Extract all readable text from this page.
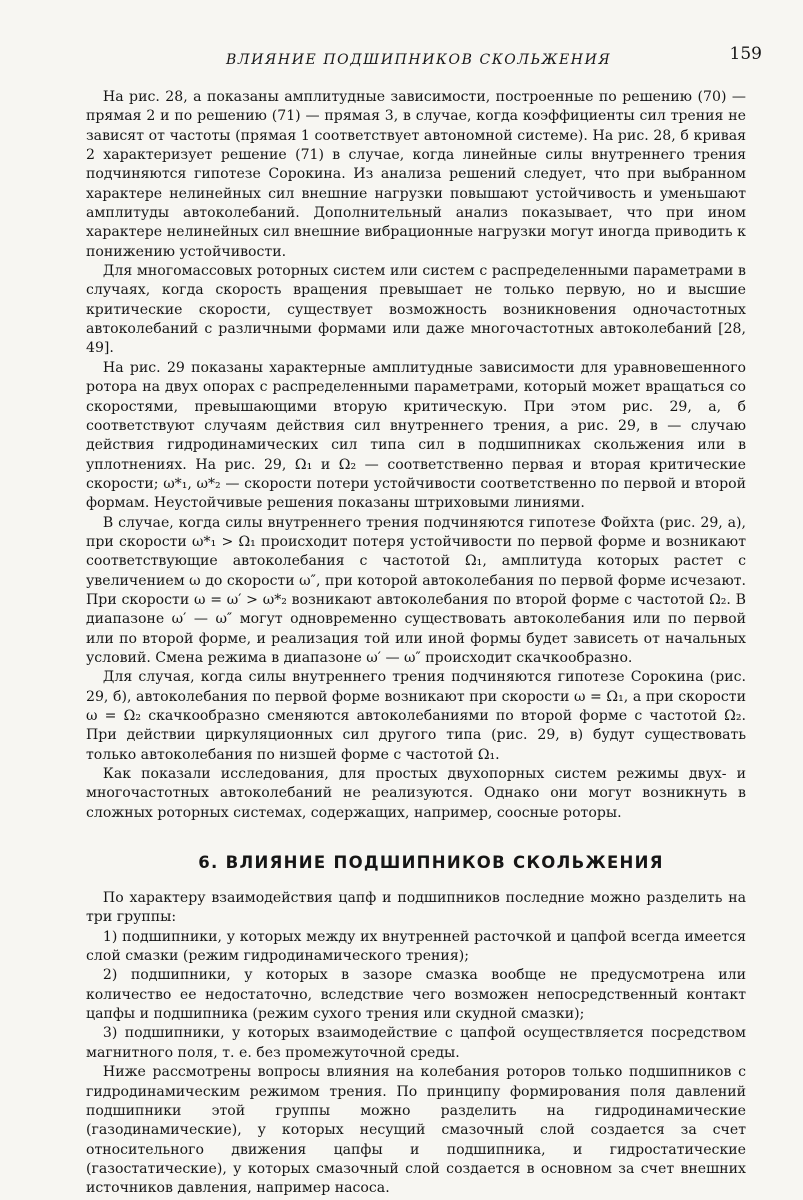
ВЛИЯНИЕ ПОДШИПНИКОВ СКОЛЬЖЕНИЯ	159

На рис. 28, а показаны амплитудные зависимости, построенные по решению (70) — прямая 2 и по решению (71) — прямая 3, в случае, когда коэффициенты сил трения не зависят от частоты (прямая 1 соответствует автономной системе). На рис. 28, б кривая 2 характеризует решение (71) в случае, когда линейные силы внутреннего трения подчиняются гипотезе Сорокина. Из анализа решений следует, что при выбранном характере нелинейных сил внешние нагрузки повышают устойчивость и уменьшают амплитуды автоколебаний. Дополнительный анализ показывает, что при ином характере нелинейных сил внешние вибрационные нагрузки могут иногда приводить к понижению устойчивости.

Для многомассовых роторных систем или систем с распределенными параметрами в случаях, когда скорость вращения превышает не только первую, но и высшие критические скорости, существует возможность возникновения одночастотных автоколебаний с различными формами или даже многочастотных автоколебаний [28, 49].

На рис. 29 показаны характерные амплитудные зависимости для уравновешенного ротора на двух опорах с распределенными параметрами, который может вращаться со скоростями, превышающими вторую критическую. При этом рис. 29, а, б соответствуют случаям действия сил внутреннего трения, а рис. 29, в — случаю действия гидродинамических сил типа сил в подшипниках скольжения или в уплотнениях. На рис. 29, Ω₁ и Ω₂ — соответственно первая и вторая критические скорости; ω*₁, ω*₂ — скорости потери устойчивости соответственно по первой и второй формам. Неустойчивые решения показаны штриховыми линиями.

В случае, когда силы внутреннего трения подчиняются гипотезе Фойхта (рис. 29, а), при скорости ω*₁ > Ω₁ происходит потеря устойчивости по первой форме и возникают соответствующие автоколебания с частотой Ω₁, амплитуда которых растет с увеличением ω до скорости ω″, при которой автоколебания по первой форме исчезают. При скорости ω = ω′ > ω*₂ возникают автоколебания по второй форме с частотой Ω₂. В диапазоне ω′ — ω″ могут одновременно существовать автоколебания или по первой или по второй форме, и реализация той или иной формы будет зависеть от начальных условий. Смена режима в диапазоне ω′ — ω″ происходит скачкообразно.

Для случая, когда силы внутреннего трения подчиняются гипотезе Сорокина (рис. 29, б), автоколебания по первой форме возникают при скорости ω = Ω₁, а при скорости ω = Ω₂ скачкообразно сменяются автоколебаниями по второй форме с частотой Ω₂. При действии циркуляционных сил другого типа (рис. 29, в) будут существовать только автоколебания по низшей форме с частотой Ω₁.

Как показали исследования, для простых двухопорных систем режимы двух- и многочастотных автоколебаний не реализуются. Однако они могут возникнуть в сложных роторных системах, содержащих, например, соосные роторы.

6. ВЛИЯНИЕ ПОДШИПНИКОВ СКОЛЬЖЕНИЯ

По характеру взаимодействия цапф и подшипников последние можно разделить на три группы:

1) подшипники, у которых между их внутренней расточкой и цапфой всегда имеется слой смазки (режим гидродинамического трения);

2) подшипники, у которых в зазоре смазка вообще не предусмотрена или количество ее недостаточно, вследствие чего возможен непосредственный контакт цапфы и подшипника (режим сухого трения или скудной смазки);

3) подшипники, у которых взаимодействие с цапфой осуществляется посредством магнитного поля, т. е. без промежуточной среды.

Ниже рассмотрены вопросы влияния на колебания роторов только подшипников с гидродинамическим режимом трения. По принципу формирования поля давлений подшипники этой группы можно разделить на гидродинамические (газодинамические), у которых несущий смазочный слой создается за счет относительного движения цапфы и подшипника, и гидростатические (газостатические), у которых смазочный слой создается в основном за счет внешних источников давления, например насоса.
